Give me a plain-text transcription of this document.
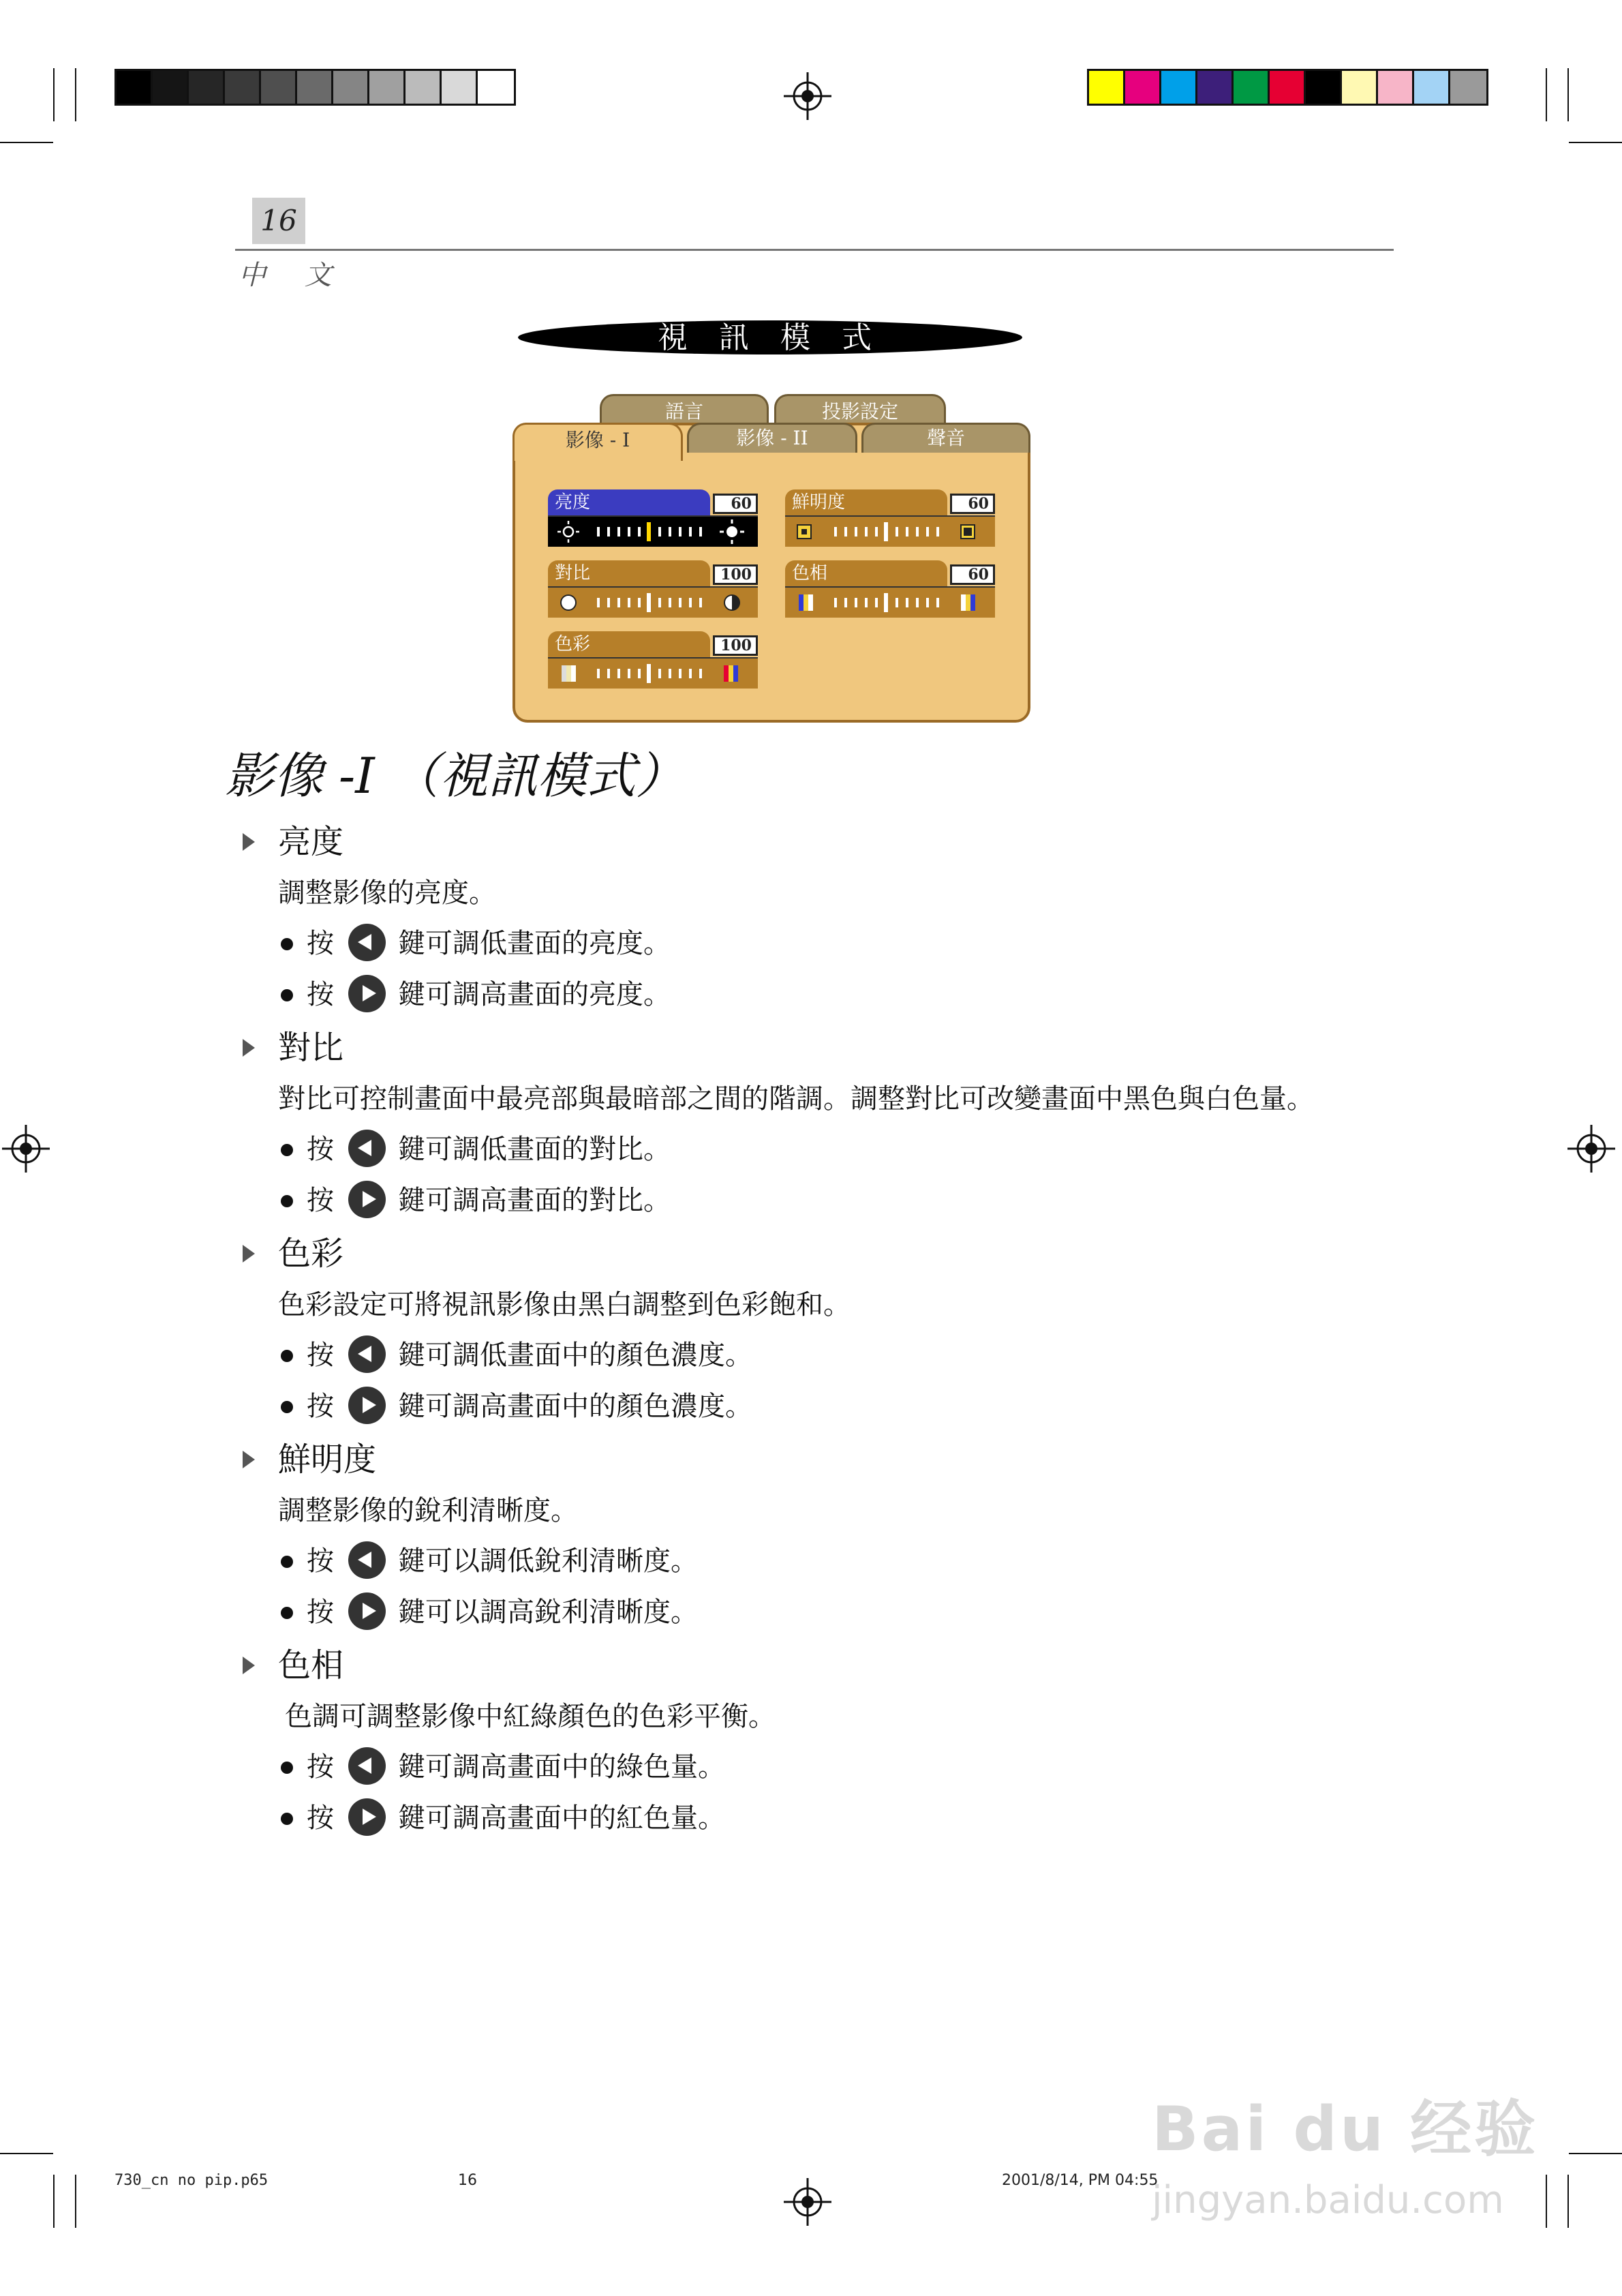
16
中 文
視 訊 模 式
語言	投影設定
影像 - I	影像 - II	聲音
亮度	60	鮮明度	60
對比	100	色相	60
色彩	100
影像 -I （視訊模式）
亮度
調整影像的亮度。
按 鍵可調低畫面的亮度。
按 鍵可調高畫面的亮度。
對比
對比可控制畫面中最亮部與最暗部之間的階調。調整對比可改變畫面中黑色與白色量。
按 鍵可調低畫面的對比。
按 鍵可調高畫面的對比。
色彩
色彩設定可將視訊影像由黑白調整到色彩飽和。
按 鍵可調低畫面中的顏色濃度。
按 鍵可調高畫面中的顏色濃度。
鮮明度
調整影像的銳利清晰度。
按 鍵可以調低銳利清晰度。
按 鍵可以調高銳利清晰度。
色相
色調可調整影像中紅綠顏色的色彩平衡。
按 鍵可調高畫面中的綠色量。
按 鍵可調高畫面中的紅色量。
Bai du 经验
jingyan.baidu.com
730_cn no pip.p65	16	2001/8/14, PM 04:55
